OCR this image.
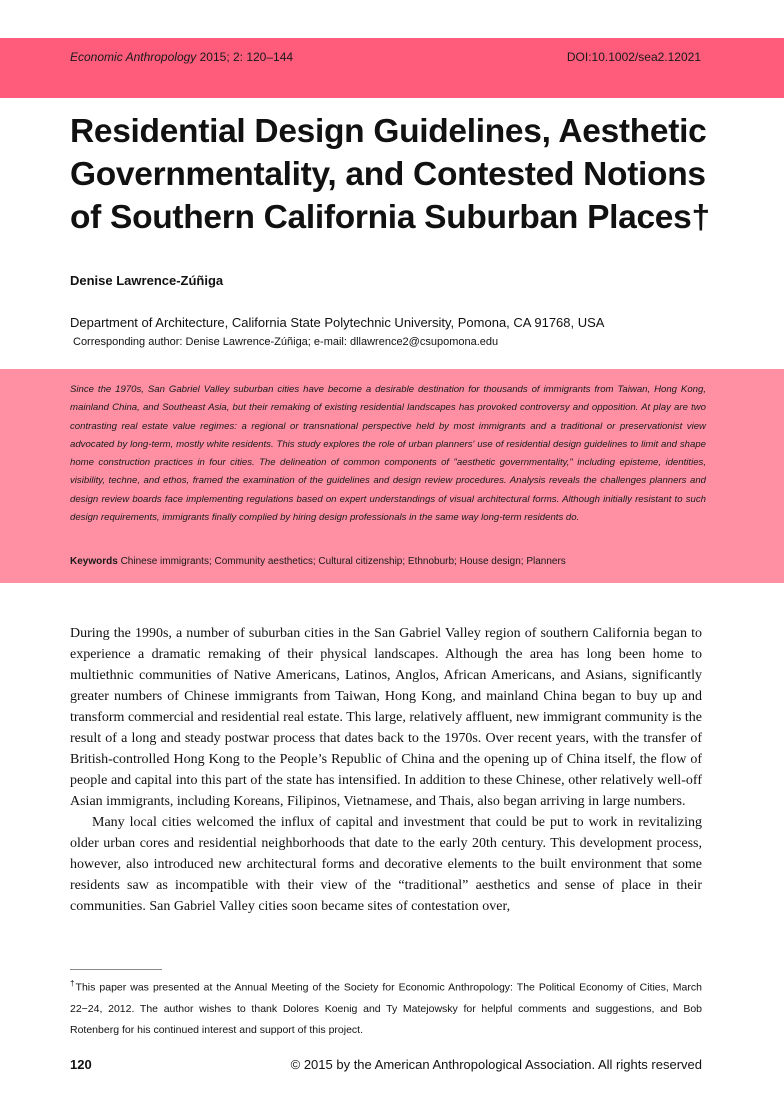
Economic Anthropology 2015; 2: 120–144	DOI:10.1002/sea2.12021
Residential Design Guidelines, Aesthetic Governmentality, and Contested Notions of Southern California Suburban Places†
Denise Lawrence-Zúñiga
Department of Architecture, California State Polytechnic University, Pomona, CA 91768, USA
Corresponding author: Denise Lawrence-Zúñiga; e-mail: dllawrence2@csupomona.edu
Since the 1970s, San Gabriel Valley suburban cities have become a desirable destination for thousands of immigrants from Taiwan, Hong Kong, mainland China, and Southeast Asia, but their remaking of existing residential landscapes has provoked controversy and opposition. At play are two contrasting real estate value regimes: a regional or transnational perspective held by most immigrants and a traditional or preservationist view advocated by long-term, mostly white residents. This study explores the role of urban planners' use of residential design guidelines to limit and shape home construction practices in four cities. The delineation of common components of "aesthetic governmentality," including episteme, identities, visibility, techne, and ethos, framed the examination of the guidelines and design review procedures. Analysis reveals the challenges planners and design review boards face implementing regulations based on expert understandings of visual architectural forms. Although initially resistant to such design requirements, immigrants finally complied by hiring design professionals in the same way long-term residents do.
Keywords Chinese immigrants; Community aesthetics; Cultural citizenship; Ethnoburb; House design; Planners

During the 1990s, a number of suburban cities in the San Gabriel Valley region of southern California began to experience a dramatic remaking of their physical landscapes. Although the area has long been home to multiethnic communities of Native Americans, Latinos, Anglos, African Americans, and Asians, significantly greater numbers of Chinese immigrants from Taiwan, Hong Kong, and mainland China began to buy up and transform commercial and residential real estate. This large, relatively affluent, new immigrant community is the result of a long and steady postwar process that dates back to the 1970s. Over recent years, with the transfer of British-controlled Hong Kong to the People’s Republic of China and the opening up of China itself, the flow of people and capital into this part of the state has intensified. In addition to these Chinese, other relatively well-off Asian immigrants, including Koreans, Filipinos, Vietnamese, and Thais, also began arriving in large numbers.

Many local cities welcomed the influx of capital and investment that could be put to work in revitalizing older urban cores and residential neighborhoods that date to the early 20th century. This development process, however, also introduced new architectural forms and decorative elements to the built environment that some residents saw as incompatible with their view of the “traditional” aesthetics and sense of place in their communities. San Gabriel Valley cities soon became sites of contestation over,

†This paper was presented at the Annual Meeting of the Society for Economic Anthropology: The Political Economy of Cities, March 22−24, 2012. The author wishes to thank Dolores Koenig and Ty Matejowsky for helpful comments and suggestions, and Bob Rotenberg for his continued interest and support of this project.
120	© 2015 by the American Anthropological Association. All rights reserved
